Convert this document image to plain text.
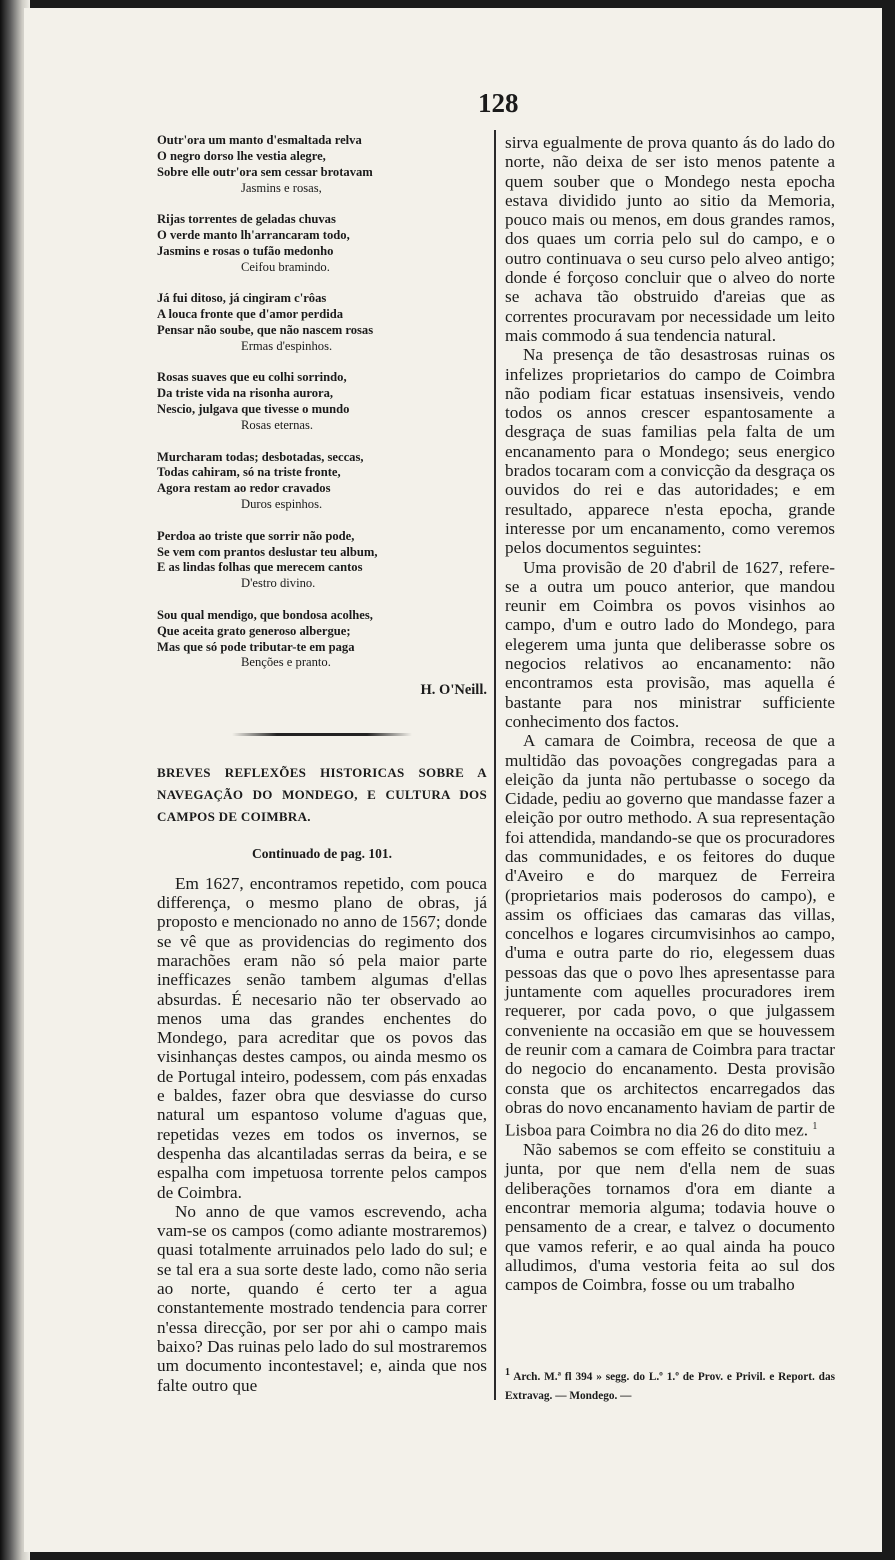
128
Outr'ora um manto d'esmaltada relva
O negro dorso lhe vestia alegre,
Sobre elle outr'ora sem cessar brotavam
Jasmins e rosas,
Rijas torrentes de geladas chuvas
O verde manto lh'arrancaram todo,
Jasmins e rosas o tufão medonho
Ceifou bramindo.
Já fui ditoso, já cingiram c'rôas
A louca fronte que d'amor perdida
Pensar não soube, que não nascem rosas
Ermas d'espinhos.
Rosas suaves que eu colhi sorrindo,
Da triste vida na risonha aurora,
Nescio, julgava que tivesse o mundo
Rosas eternas.
Murcharam todas; desbotadas, seccas,
Todas cahiram, só na triste fronte,
Agora restam ao redor cravados
Duros espinhos.
Perdoa ao triste que sorrir não pode,
Se vem com prantos deslustar teu album,
E as lindas folhas que merecem cantos
D'estro divino.
Sou qual mendigo, que bondosa acolhes,
Que aceita grato generoso albergue;
Mas que só pode tributar-te em paga
Benções e pranto.
H. O'Neill.
BREVES REFLEXÕES HISTORICAS SOBRE A NAVEGAÇÃO DO MONDEGO, E CULTURA DOS CAMPOS DE COIMBRA.
Continuado de pag. 101.

Em 1627, encontramos repetido, com pouca differença, o mesmo plano de obras, já proposto e mencionado no anno de 1567; donde se vê que as providencias do regimento dos marachões eram não só pela maior parte inefficazes senão tambem algumas d'ellas absurdas. É necesario não ter observado ao menos uma das grandes enchentes do Mondego, para acreditar que os povos das visinhanças destes campos, ou ainda mesmo os de Portugal inteiro, podessem, com pás enxadas e baldes, fazer obra que desviasse do curso natural um espantoso volume d'aguas que, repetidas vezes em todos os invernos, se despenha das alcantiladas serras da beira, e se espalha com impetuosa torrente pelos campos de Coimbra.

No anno de que vamos escrevendo, acha vam-se os campos (como adiante mostraremos) quasi totalmente arruinados pelo lado do sul; e se tal era a sua sorte deste lado, como não seria ao norte, quando é certo ter a agua constantemente mostrado tendencia para correr n'essa direcção, por ser por ahi o campo mais baixo? Das ruinas pelo lado do sul mostraremos um documento incontestavel; e, ainda que nos falte outro que

sirva egualmente de prova quanto ás do lado do norte, não deixa de ser isto menos patente a quem souber que o Mondego nesta epocha estava dividido junto ao sitio da Memoria, pouco mais ou menos, em dous grandes ramos, dos quaes um corria pelo sul do campo, e o outro continuava o seu curso pelo alveo antigo; donde é forçoso concluir que o alveo do norte se achava tão obstruido d'areias que as correntes procuravam por necessidade um leito mais commodo á sua tendencia natural.

Na presença de tão desastrosas ruinas os infelizes proprietarios do campo de Coimbra não podiam ficar estatuas insensiveis, vendo todos os annos crescer espantosamente a desgraça de suas familias pela falta de um encanamento para o Mondego; seus energico brados tocaram com a convicção da desgraça os ouvidos do rei e das autoridades; e em resultado, apparece n'esta epocha, grande interesse por um encanamento, como veremos pelos documentos seguintes:

Uma provisão de 20 d'abril de 1627, refere-se a outra um pouco anterior, que mandou reunir em Coimbra os povos visinhos ao campo, d'um e outro lado do Mondego, para elegerem uma junta que deliberasse sobre os negocios relativos ao encanamento: não encontramos esta provisão, mas aquella é bastante para nos ministrar sufficiente conhecimento dos factos.

A camara de Coimbra, receosa de que a multidão das povoações congregadas para a eleição da junta não pertubasse o socego da Cidade, pediu ao governo que mandasse fazer a eleição por outro methodo. A sua representação foi attendida, mandando-se que os procuradores das communidades, e os feitores do duque d'Aveiro e do marquez de Ferreira (proprietarios mais poderosos do campo), e assim os officiaes das camaras das villas, concelhos e logares circumvisinhos ao campo, d'uma e outra parte do rio, elegessem duas pessoas das que o povo lhes apresentasse para juntamente com aquelles procuradores irem requerer, por cada povo, o que julgassem conveniente na occasião em que se houvessem de reunir com a camara de Coimbra para tractar do negocio do encanamento. Desta provisão consta que os architectos encarregados das obras do novo encanamento haviam de partir de Lisboa para Coimbra no dia 26 do dito mez. $^1$

Não sabemos se com effeito se constituiu a junta, por que nem d'ella nem de suas deliberações tornamos d'ora em diante a encontrar memoria alguma; todavia houve o pensamento de a crear, e talvez o documento que vamos referir, e ao qual ainda ha pouco alludimos, d'uma vestoria feita ao sul dos campos de Coimbra, fosse ou um trabalho

1 Arch. M.ª fl 394 » segg. do L.º 1.º de Prov. e Privil. e Report. das Extravag. — Mondego. —
